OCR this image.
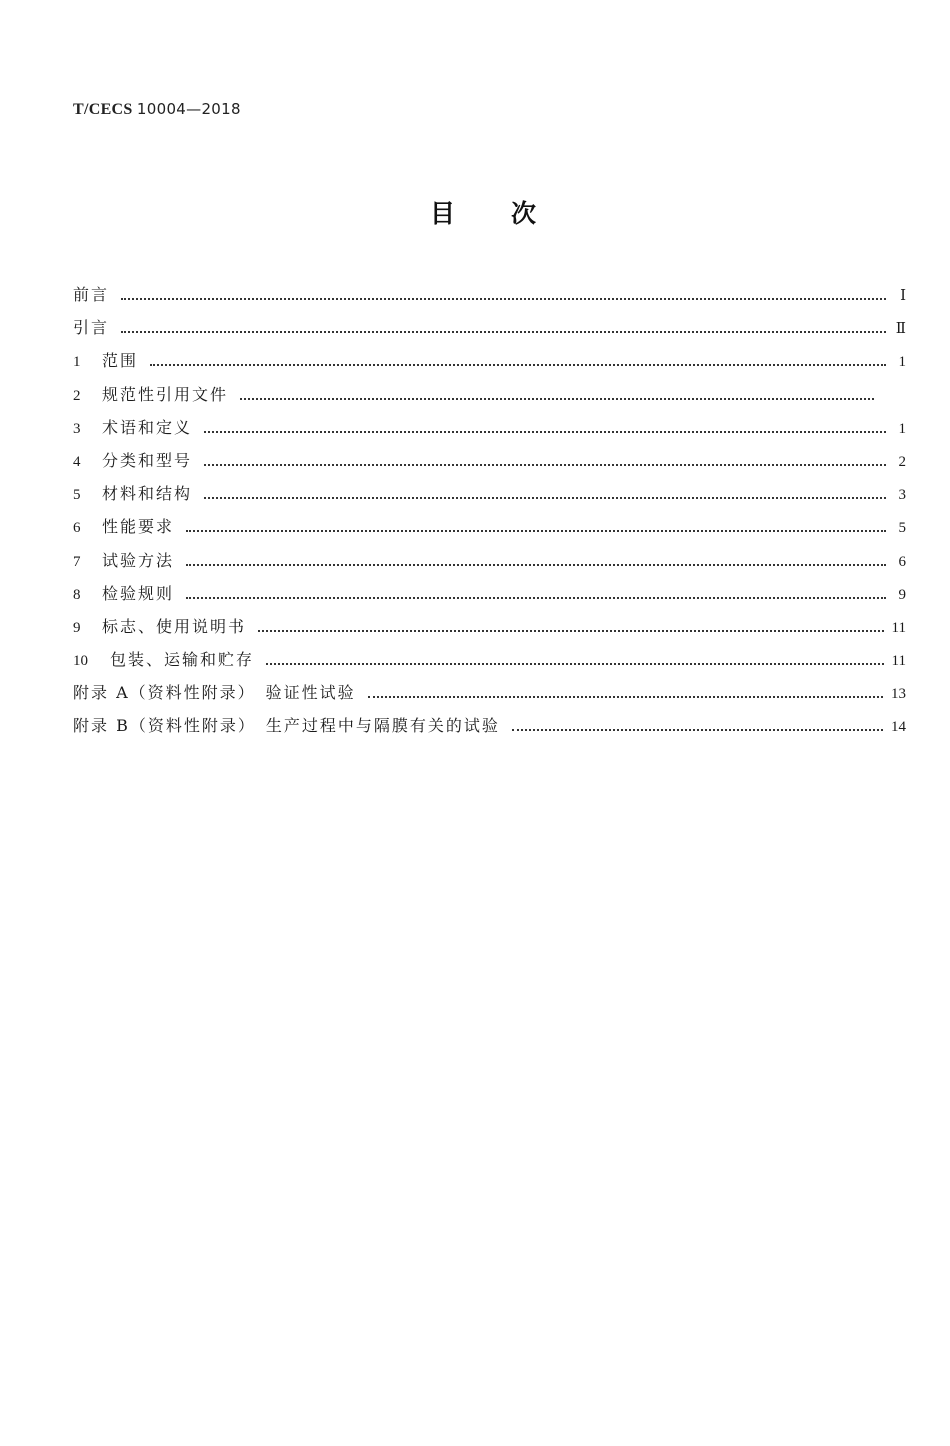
T/CECS 10004—2018

目次
前言	Ⅰ
引言	Ⅱ
1	范围	1
2	规范性引用文件
3	术语和定义	1
4	分类和型号	2
5	材料和结构	3
6	性能要求	5
7	试验方法	6
8	检验规则	9
9	标志、使用说明书	11
10	包装、运输和贮存	11
附录 A（资料性附录）　验证性试验	13
附录 B（资料性附录）　生产过程中与隔膜有关的试验	14
